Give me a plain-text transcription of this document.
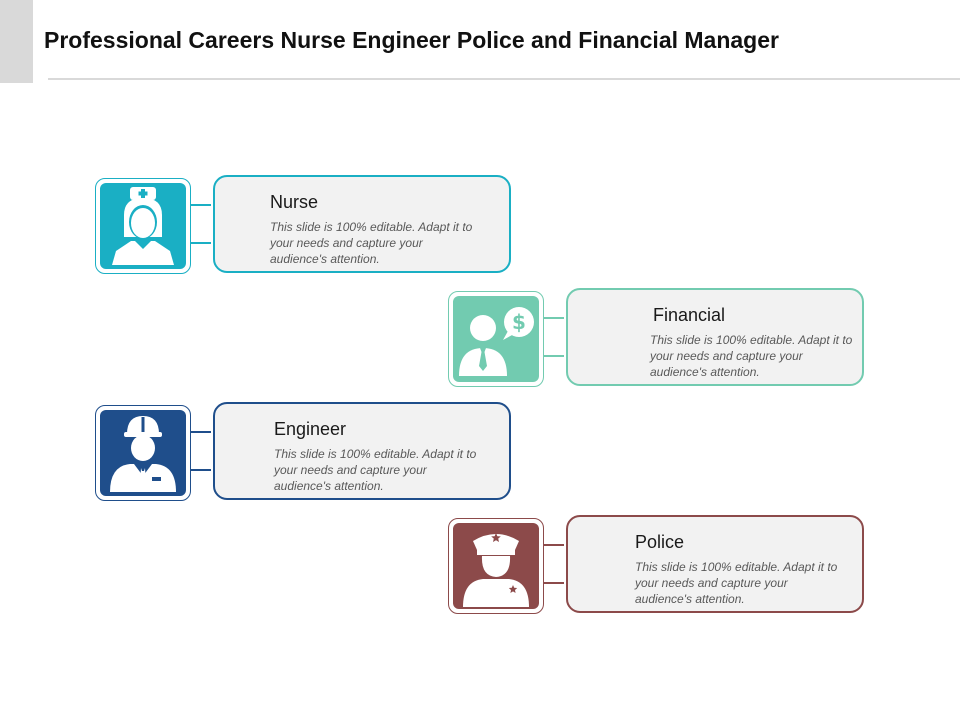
Professional Careers Nurse Engineer Police and Financial Manager
Nurse
This slide is 100% editable. Adapt it to your needs and capture your audience's attention.
$	Financial
This slide is 100% editable. Adapt it to your needs and capture your audience's attention.
Engineer
This slide is 100% editable. Adapt it to your needs and capture your audience's attention.
Police
This slide is 100% editable. Adapt it to your needs and capture your audience's attention.
